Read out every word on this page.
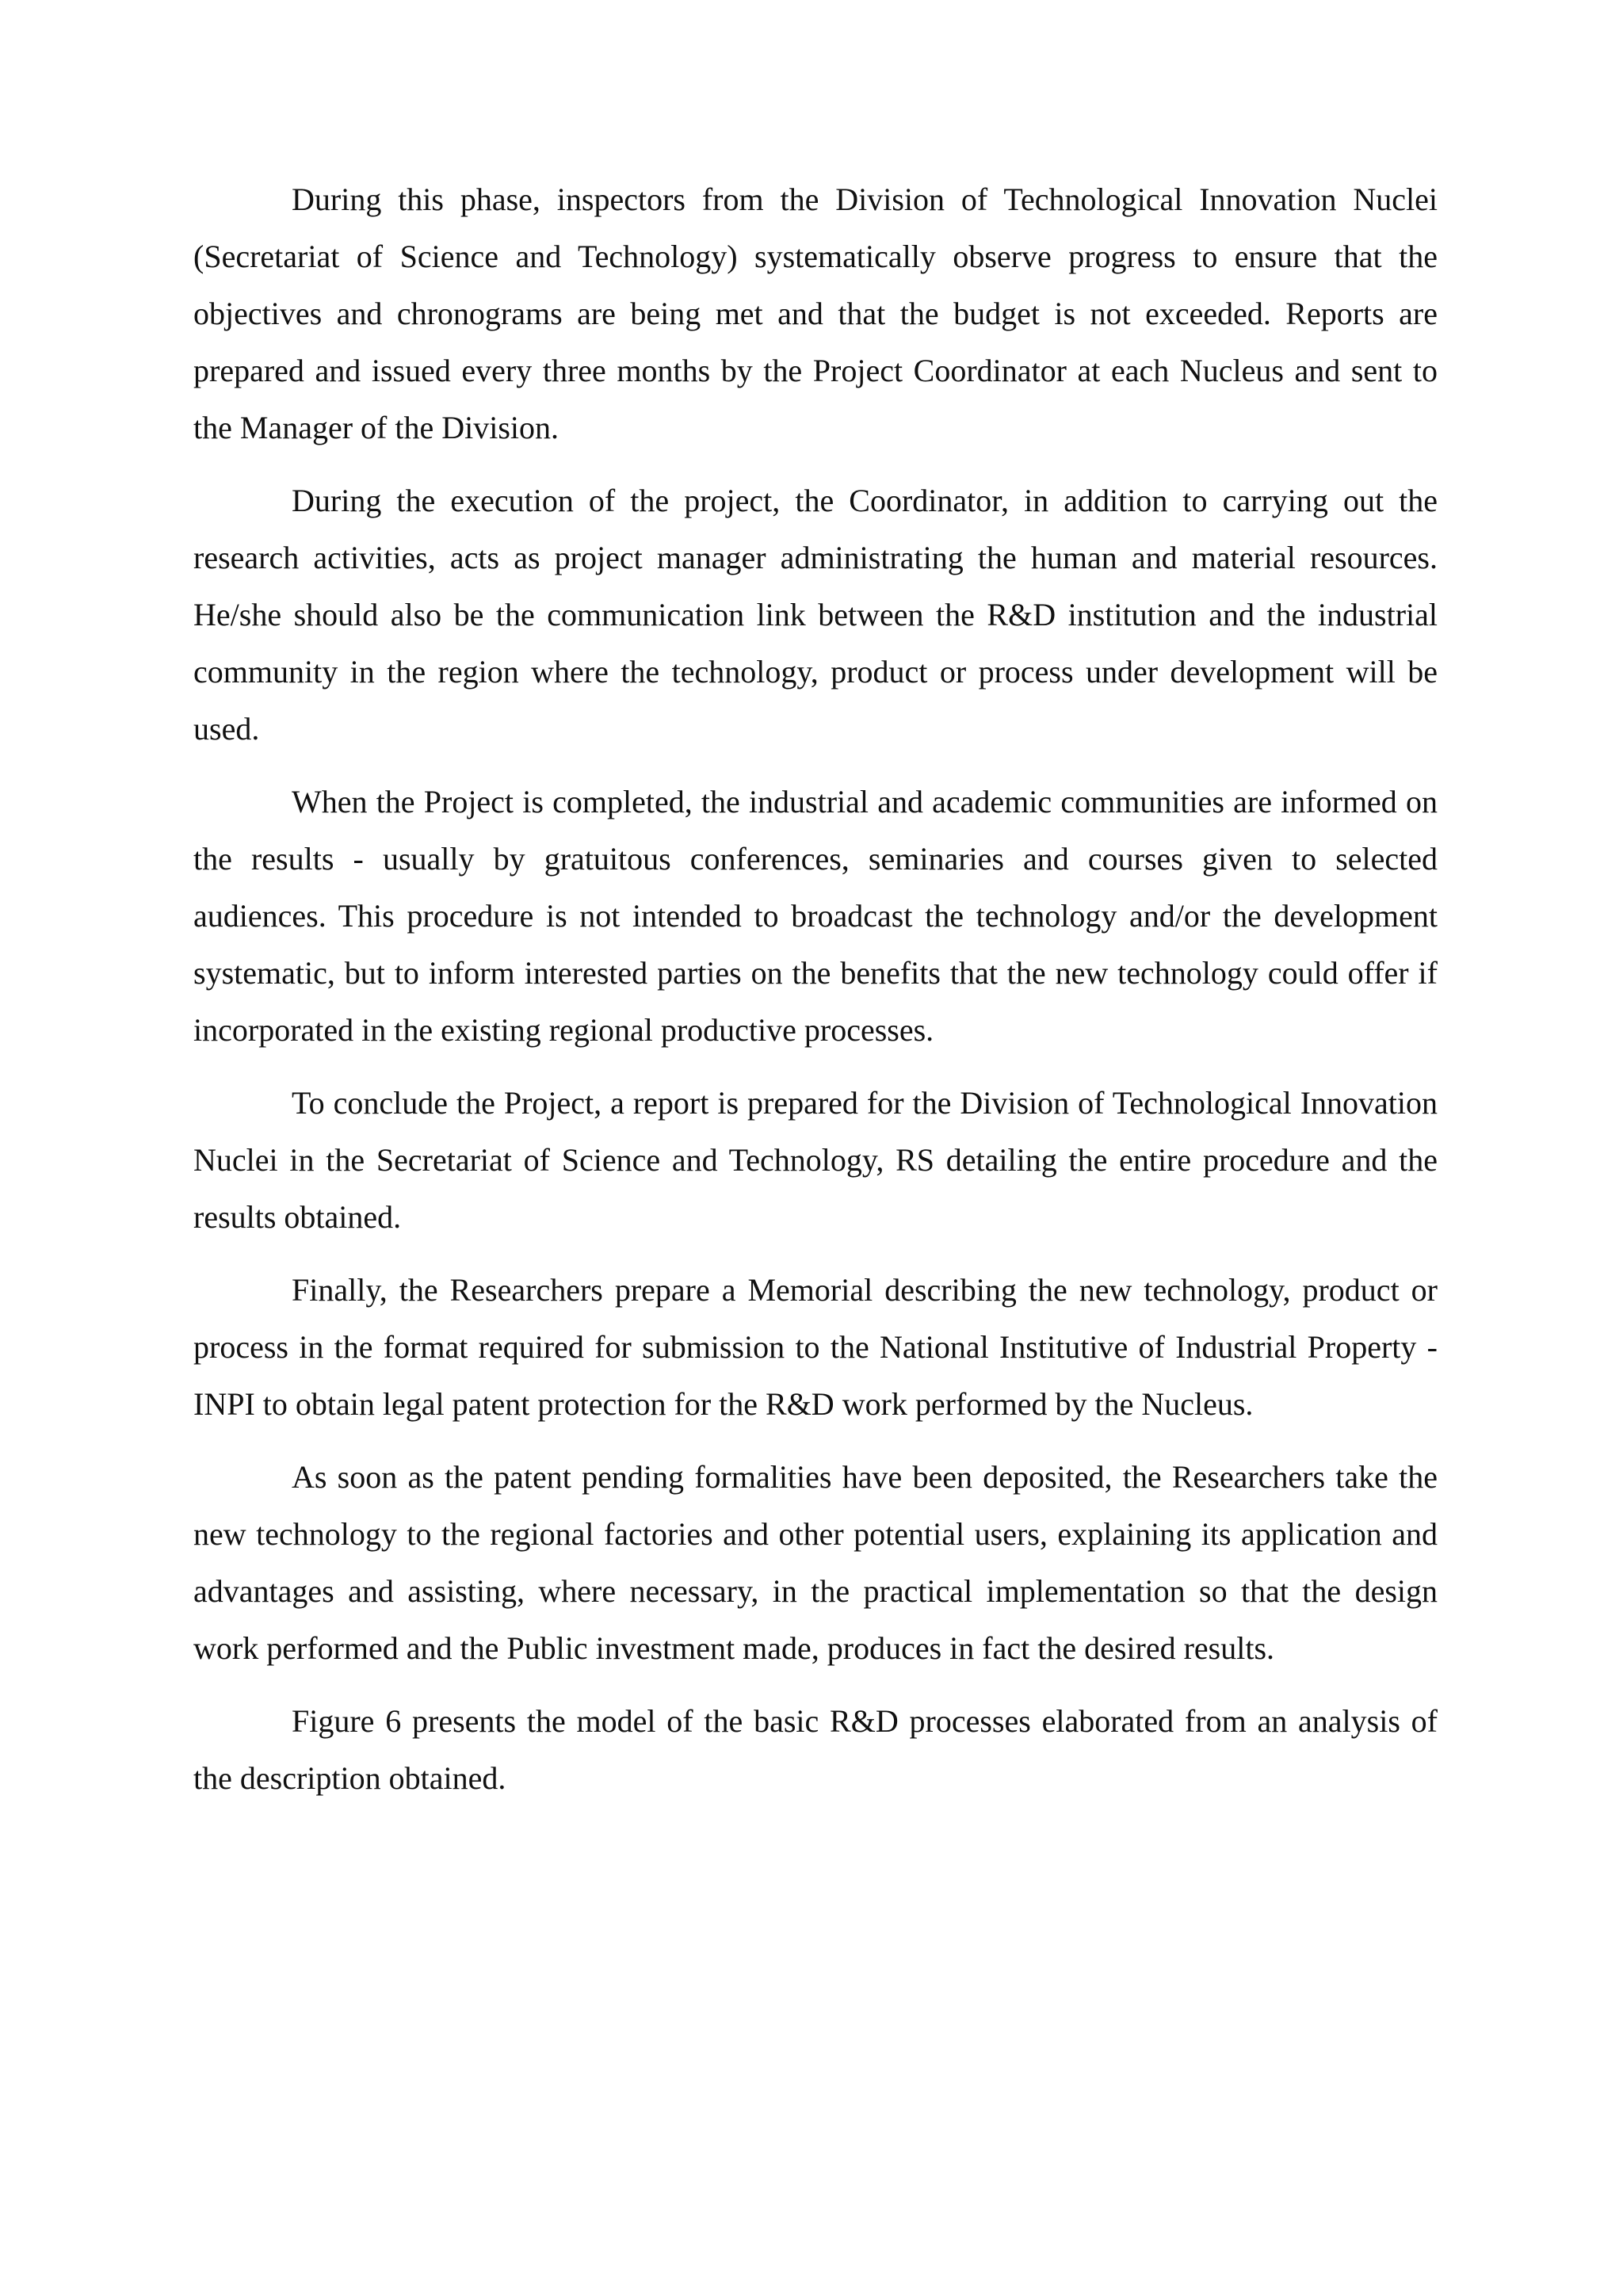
During this phase, inspectors from the Division of Technological Innovation Nuclei (Secretariat of Science and Technology) systematically observe progress to ensure that the objectives and chronograms are being met and that the budget is not exceeded. Reports are prepared and issued every three months by the Project Coordinator at each Nucleus and sent to the Manager of the Division.

During the execution of the project, the Coordinator, in addition to carrying out the research activities, acts as project manager administrating the human and material resources. He/she should also be the communication link between the R&D institution and the industrial community in the region where the technology, product or process under development will be used.

When the Project is completed, the industrial and academic communities are informed on the results - usually by gratuitous conferences, seminaries and courses given to selected audiences. This procedure is not intended to broadcast the technology and/or the development systematic, but to inform interested parties on the benefits that the new technology could offer if incorporated in the existing regional productive processes.

To conclude the Project, a report is prepared for the Division of Technological Innovation Nuclei in the Secretariat of Science and Technology, RS detailing the entire procedure and the results obtained.

Finally, the Researchers prepare a Memorial describing the new technology, product or process in the format required for submission to the National Institutive of Industrial Property - INPI to obtain legal patent protection for the R&D work performed by the Nucleus.

As soon as the patent pending formalities have been deposited, the Researchers take the new technology to the regional factories and other potential users, explaining its application and advantages and assisting, where necessary, in the practical implementation so that the design work performed and the Public investment made, produces in fact the desired results.

Figure 6 presents the model of the basic R&D processes elaborated from an analysis of the description obtained.
